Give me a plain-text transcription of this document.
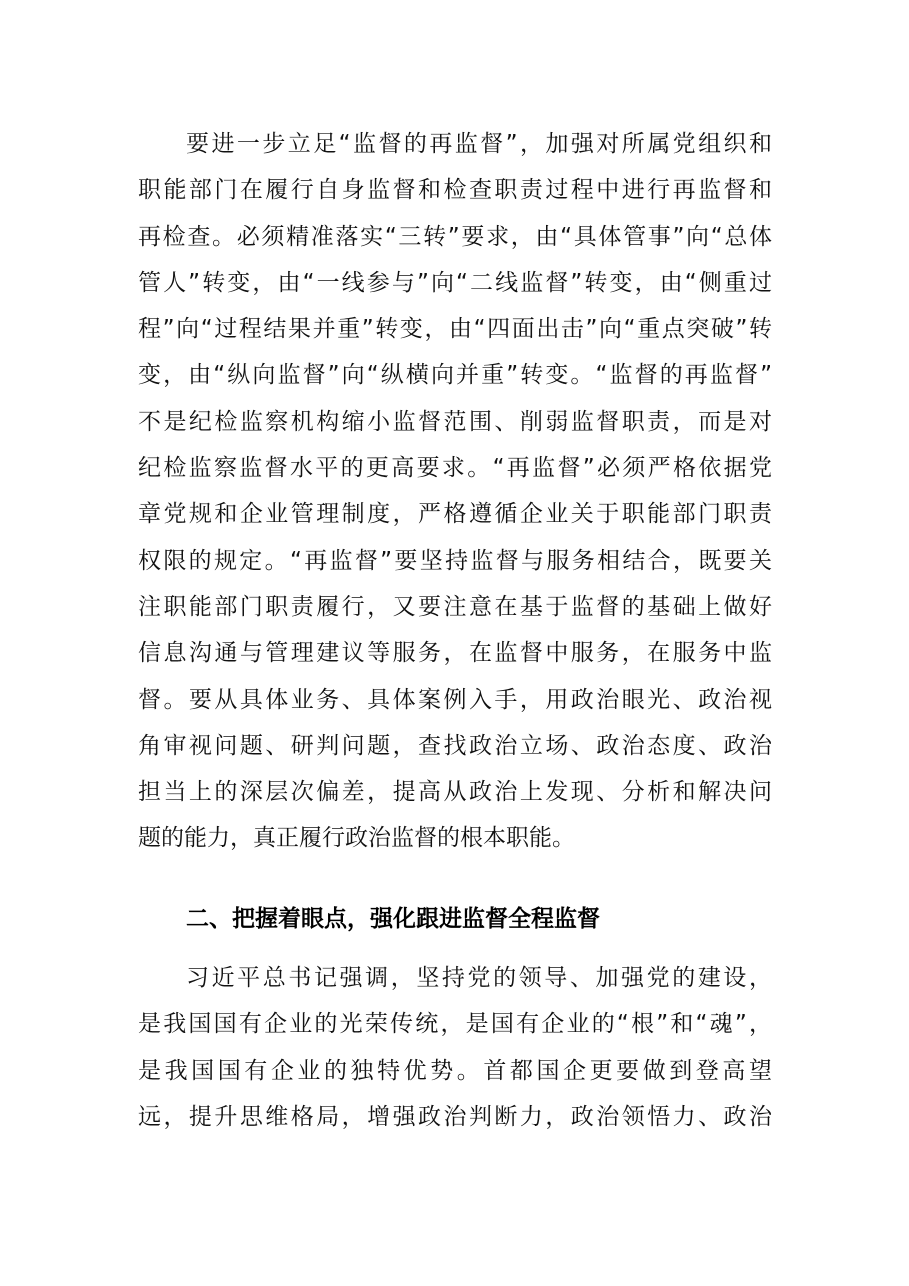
要进一步立足“监督的再监督”，加强对所属党组织和
职能部门在履行自身监督和检查职责过程中进行再监督和
再检查。必须精准落实“三转”要求，由“具体管事”向“总体
管人”转变，由“一线参与”向“二线监督”转变，由“侧重过
程”向“过程结果并重”转变，由“四面出击”向“重点突破”转
变，由“纵向监督”向“纵横向并重”转变。“监督的再监督”
不是纪检监察机构缩小监督范围、削弱监督职责，而是对
纪检监察监督水平的更高要求。“再监督”必须严格依据党
章党规和企业管理制度，严格遵循企业关于职能部门职责
权限的规定。“再监督”要坚持监督与服务相结合，既要关
注职能部门职责履行，又要注意在基于监督的基础上做好
信息沟通与管理建议等服务，在监督中服务，在服务中监
督。要从具体业务、具体案例入手，用政治眼光、政治视
角审视问题、研判问题，查找政治立场、政治态度、政治
担当上的深层次偏差，提高从政治上发现、分析和解决问
题的能力，真正履行政治监督的根本职能。
二、把握着眼点，强化跟进监督全程监督
习近平总书记强调，坚持党的领导、加强党的建设，
是我国国有企业的光荣传统，是国有企业的“根”和“魂”，
是我国国有企业的独特优势。首都国企更要做到登高望
远，提升思维格局，增强政治判断力，政治领悟力、政治
